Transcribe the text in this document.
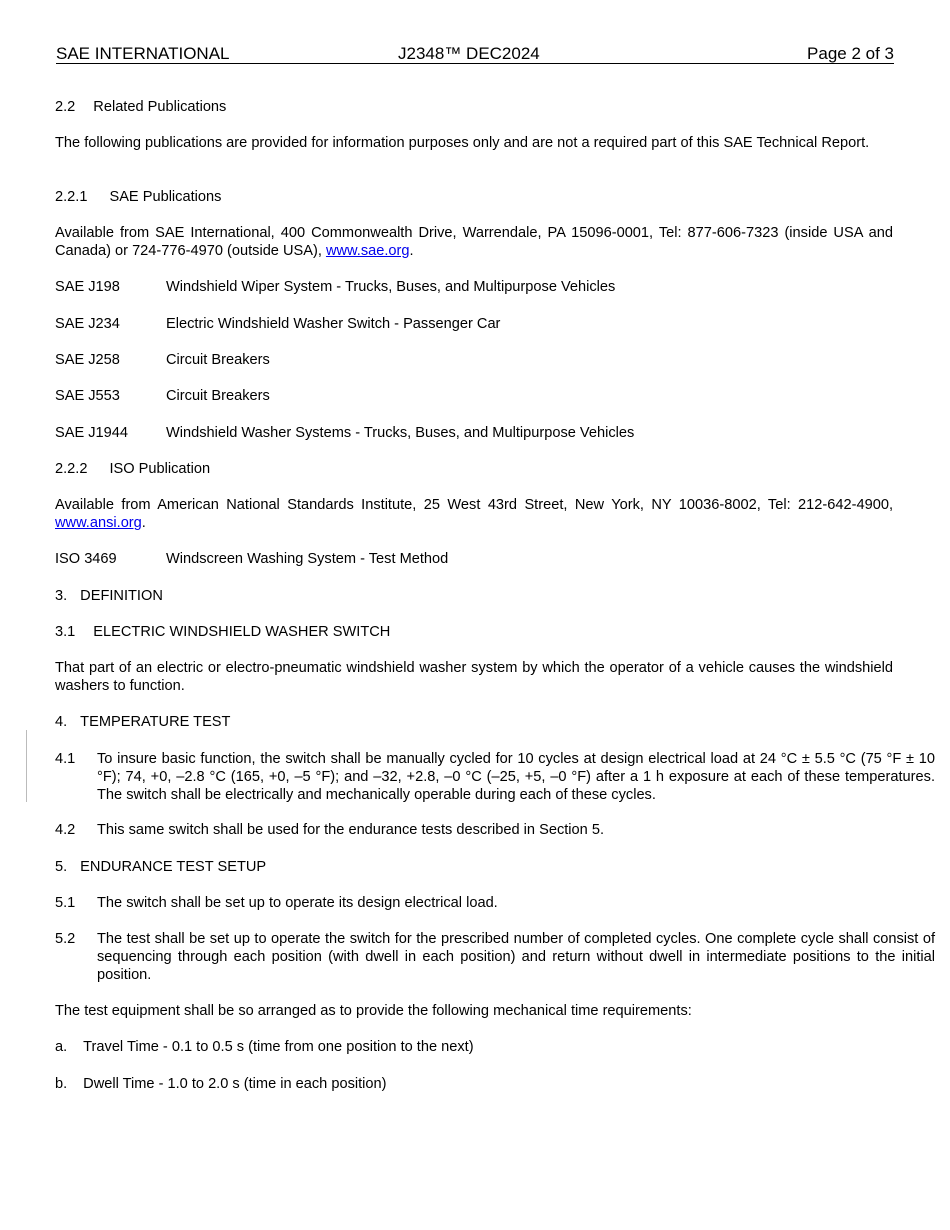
SAE INTERNATIONAL	J2348™ DEC2024	Page 2 of 3
2.2 Related Publications
The following publications are provided for information purposes only and are not a required part of this SAE Technical Report.
2.2.1 SAE Publications
Available from SAE International, 400 Commonwealth Drive, Warrendale, PA 15096-0001, Tel: 877-606-7323 (inside USA and Canada) or 724-776-4970 (outside USA), www.sae.org.
SAE J198	Windshield Wiper System - Trucks, Buses, and Multipurpose Vehicles
SAE J234	Electric Windshield Washer Switch - Passenger Car
SAE J258	Circuit Breakers
SAE J553	Circuit Breakers
SAE J1944	Windshield Washer Systems - Trucks, Buses, and Multipurpose Vehicles
2.2.2 ISO Publication
Available from American National Standards Institute, 25 West 43rd Street, New York, NY 10036-8002, Tel: 212-642-4900, www.ansi.org.
ISO 3469	Windscreen Washing System - Test Method
3. DEFINITION
3.1 ELECTRIC WINDSHIELD WASHER SWITCH
That part of an electric or electro-pneumatic windshield washer system by which the operator of a vehicle causes the windshield washers to function.
4. TEMPERATURE TEST
4.1 To insure basic function, the switch shall be manually cycled for 10 cycles at design electrical load at 24 °C ± 5.5 °C (75 °F ± 10 °F); 74, +0, –2.8 °C (165, +0, –5 °F); and –32, +2.8, –0 °C (–25, +5, –0 °F) after a 1 h exposure at each of these temperatures. The switch shall be electrically and mechanically operable during each of these cycles.
4.2 This same switch shall be used for the endurance tests described in Section 5.
5. ENDURANCE TEST SETUP
5.1 The switch shall be set up to operate its design electrical load.
5.2 The test shall be set up to operate the switch for the prescribed number of completed cycles. One complete cycle shall consist of sequencing through each position (with dwell in each position) and return without dwell in intermediate positions to the initial position.
The test equipment shall be so arranged as to provide the following mechanical time requirements:
a. Travel Time - 0.1 to 0.5 s (time from one position to the next)
b. Dwell Time - 1.0 to 2.0 s (time in each position)
